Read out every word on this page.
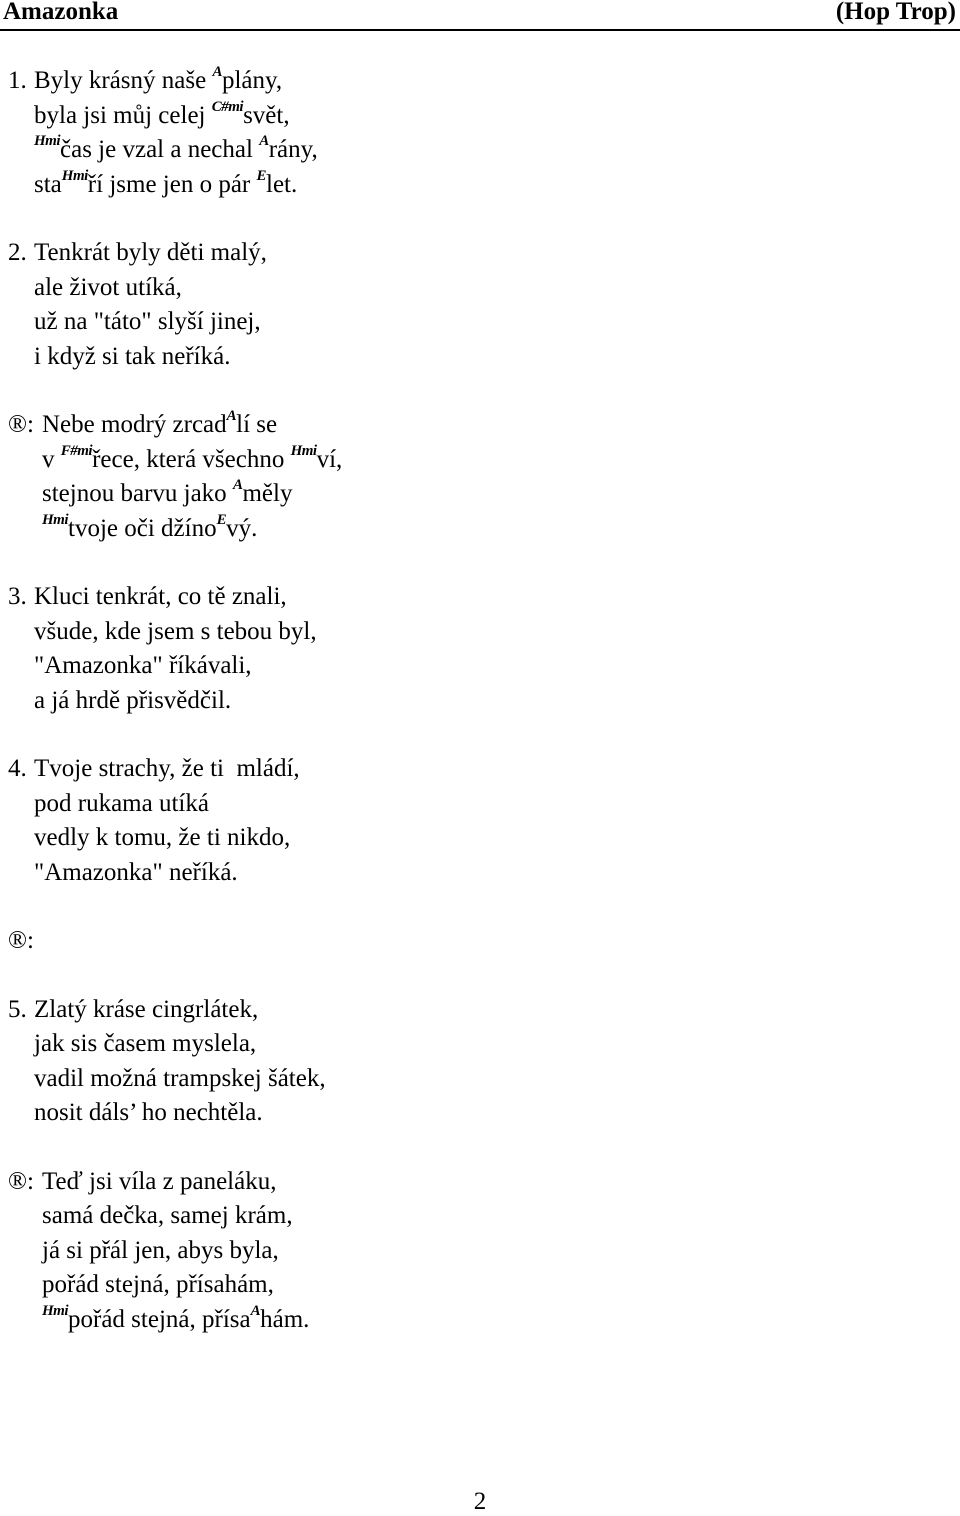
Amazonka	(Hop Trop)

1.

Byly krásný naše $^A$plány,

byla jsi můj celej $^{C\#mi}$svět,

$^{Hmi}$čas je vzal a nechal $^A$rány,

sta$^{Hmi}$ří jsme jen o pár $^E$let.

2.

Tenkrát byly děti malý,

ale život utíká,
už na "táto" slyší jinej,
i když si tak neříká.

®:

Nebe modrý zrcad$^A$lí se

v $^{F\#mi}$řece, která všechno $^{Hmi}$ví,

stejnou barvu jako $^A$měly

$^{Hmi}$tvoje oči džíno$^E$vý.

3.

Kluci tenkrát, co tě znali,

všude, kde jsem s tebou byl,
"Amazonka" říkávali,
a já hrdě přisvědčil.

4.

Tvoje strachy, že ti  mládí,

pod rukama utíká
vedly k tomu, že ti nikdo,
"Amazonka" neříká.

®:

5.

Zlatý kráse cingrlátek,

jak sis časem myslela,
vadil možná trampskej šátek,
nosit dáls’ ho nechtěla.

®:

Teď jsi víla z paneláku,

samá dečka, samej krám,
já si přál jen, abys byla,
pořád stejná, přísahám,

$^{Hmi}$pořád stejná, přísa$^A$hám.

2
